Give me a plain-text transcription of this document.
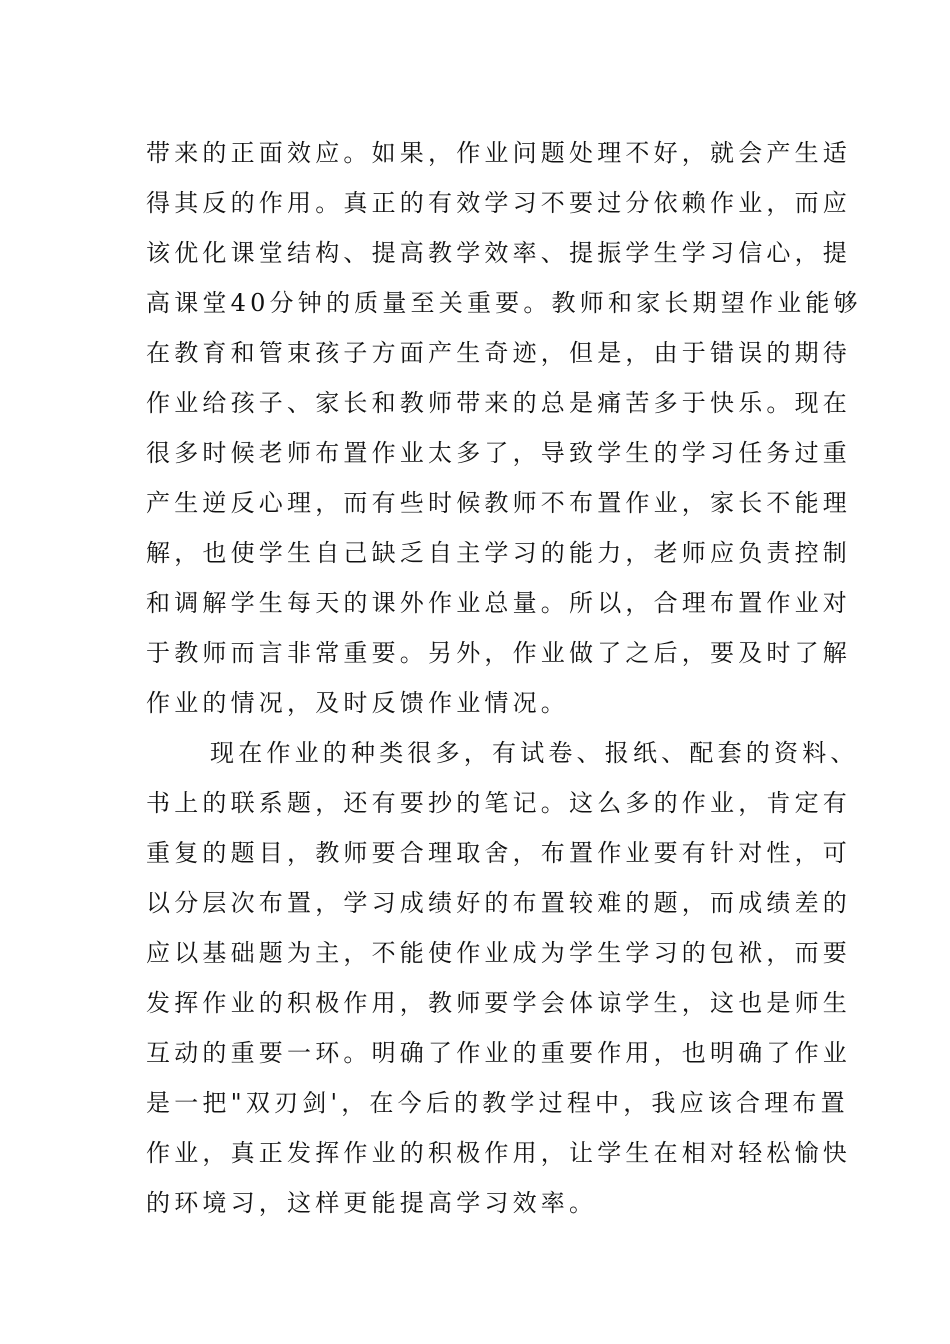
带来的正面效应。如果，作业问题处理不好，就会产生适
得其反的作用。真正的有效学习不要过分依赖作业，而应
该优化课堂结构、提高教学效率、提振学生学习信心，提
高课堂40分钟的质量至关重要。教师和家长期望作业能够
在教育和管束孩子方面产生奇迹，但是，由于错误的期待
作业给孩子、家长和教师带来的总是痛苦多于快乐。现在
很多时候老师布置作业太多了，导致学生的学习任务过重
产生逆反心理，而有些时候教师不布置作业，家长不能理
解，也使学生自己缺乏自主学习的能力，老师应负责控制
和调解学生每天的课外作业总量。所以，合理布置作业对
于教师而言非常重要。另外，作业做了之后，要及时了解
作业的情况，及时反馈作业情况。
现在作业的种类很多，有试卷、报纸、配套的资料、
书上的联系题，还有要抄的笔记。这么多的作业，肯定有
重复的题目，教师要合理取舍，布置作业要有针对性，可
以分层次布置，学习成绩好的布置较难的题，而成绩差的
应以基础题为主，不能使作业成为学生学习的包袱，而要
发挥作业的积极作用，教师要学会体谅学生，这也是师生
互动的重要一环。明确了作业的重要作用，也明确了作业
是一把"双刃剑'，在今后的教学过程中，我应该合理布置
作业，真正发挥作业的积极作用，让学生在相对轻松愉快
的环境习，这样更能提高学习效率。
